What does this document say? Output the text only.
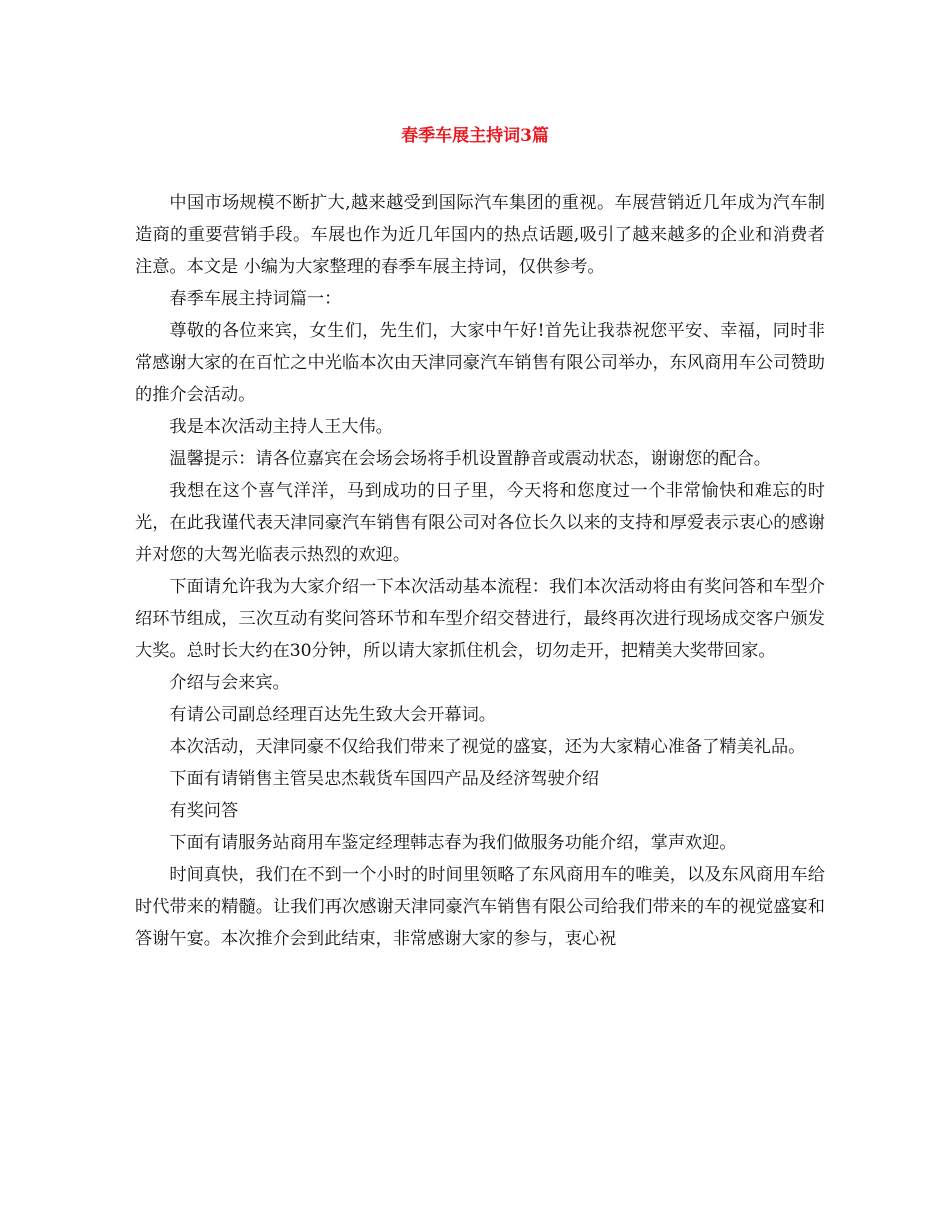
春季车展主持词3篇

中国市场规模不断扩大,越来越受到国际汽车集团的重视。车展营销近几年成为汽车制造商的重要营销手段。车展也作为近几年国内的热点话题,吸引了越来越多的企业和消费者注意。本文是 小编为大家整理的春季车展主持词，仅供参考。

春季车展主持词篇一：

尊敬的各位来宾，女生们，先生们，大家中午好!首先让我恭祝您平安、幸福，同时非常感谢大家的在百忙之中光临本次由天津同豪汽车销售有限公司举办，东风商用车公司赞助的推介会活动。

我是本次活动主持人王大伟。

温馨提示：请各位嘉宾在会场会场将手机设置静音或震动状态，谢谢您的配合。

我想在这个喜气洋洋，马到成功的日子里，今天将和您度过一个非常愉快和难忘的时光，在此我谨代表天津同豪汽车销售有限公司对各位长久以来的支持和厚爱表示衷心的感谢并对您的大驾光临表示热烈的欢迎。

下面请允许我为大家介绍一下本次活动基本流程：我们本次活动将由有奖问答和车型介绍环节组成，三次互动有奖问答环节和车型介绍交替进行，最终再次进行现场成交客户颁发大奖。总时长大约在30分钟，所以请大家抓住机会，切勿走开，把精美大奖带回家。

介绍与会来宾。

有请公司副总经理百达先生致大会开幕词。

本次活动，天津同豪不仅给我们带来了视觉的盛宴，还为大家精心准备了精美礼品。

下面有请销售主管吴忠杰载货车国四产品及经济驾驶介绍

有奖问答

下面有请服务站商用车鉴定经理韩志春为我们做服务功能介绍，掌声欢迎。

时间真快，我们在不到一个小时的时间里领略了东风商用车的唯美，以及东风商用车给时代带来的精髓。让我们再次感谢天津同豪汽车销售有限公司给我们带来的车的视觉盛宴和答谢午宴。本次推介会到此结束，非常感谢大家的参与，衷心祝
